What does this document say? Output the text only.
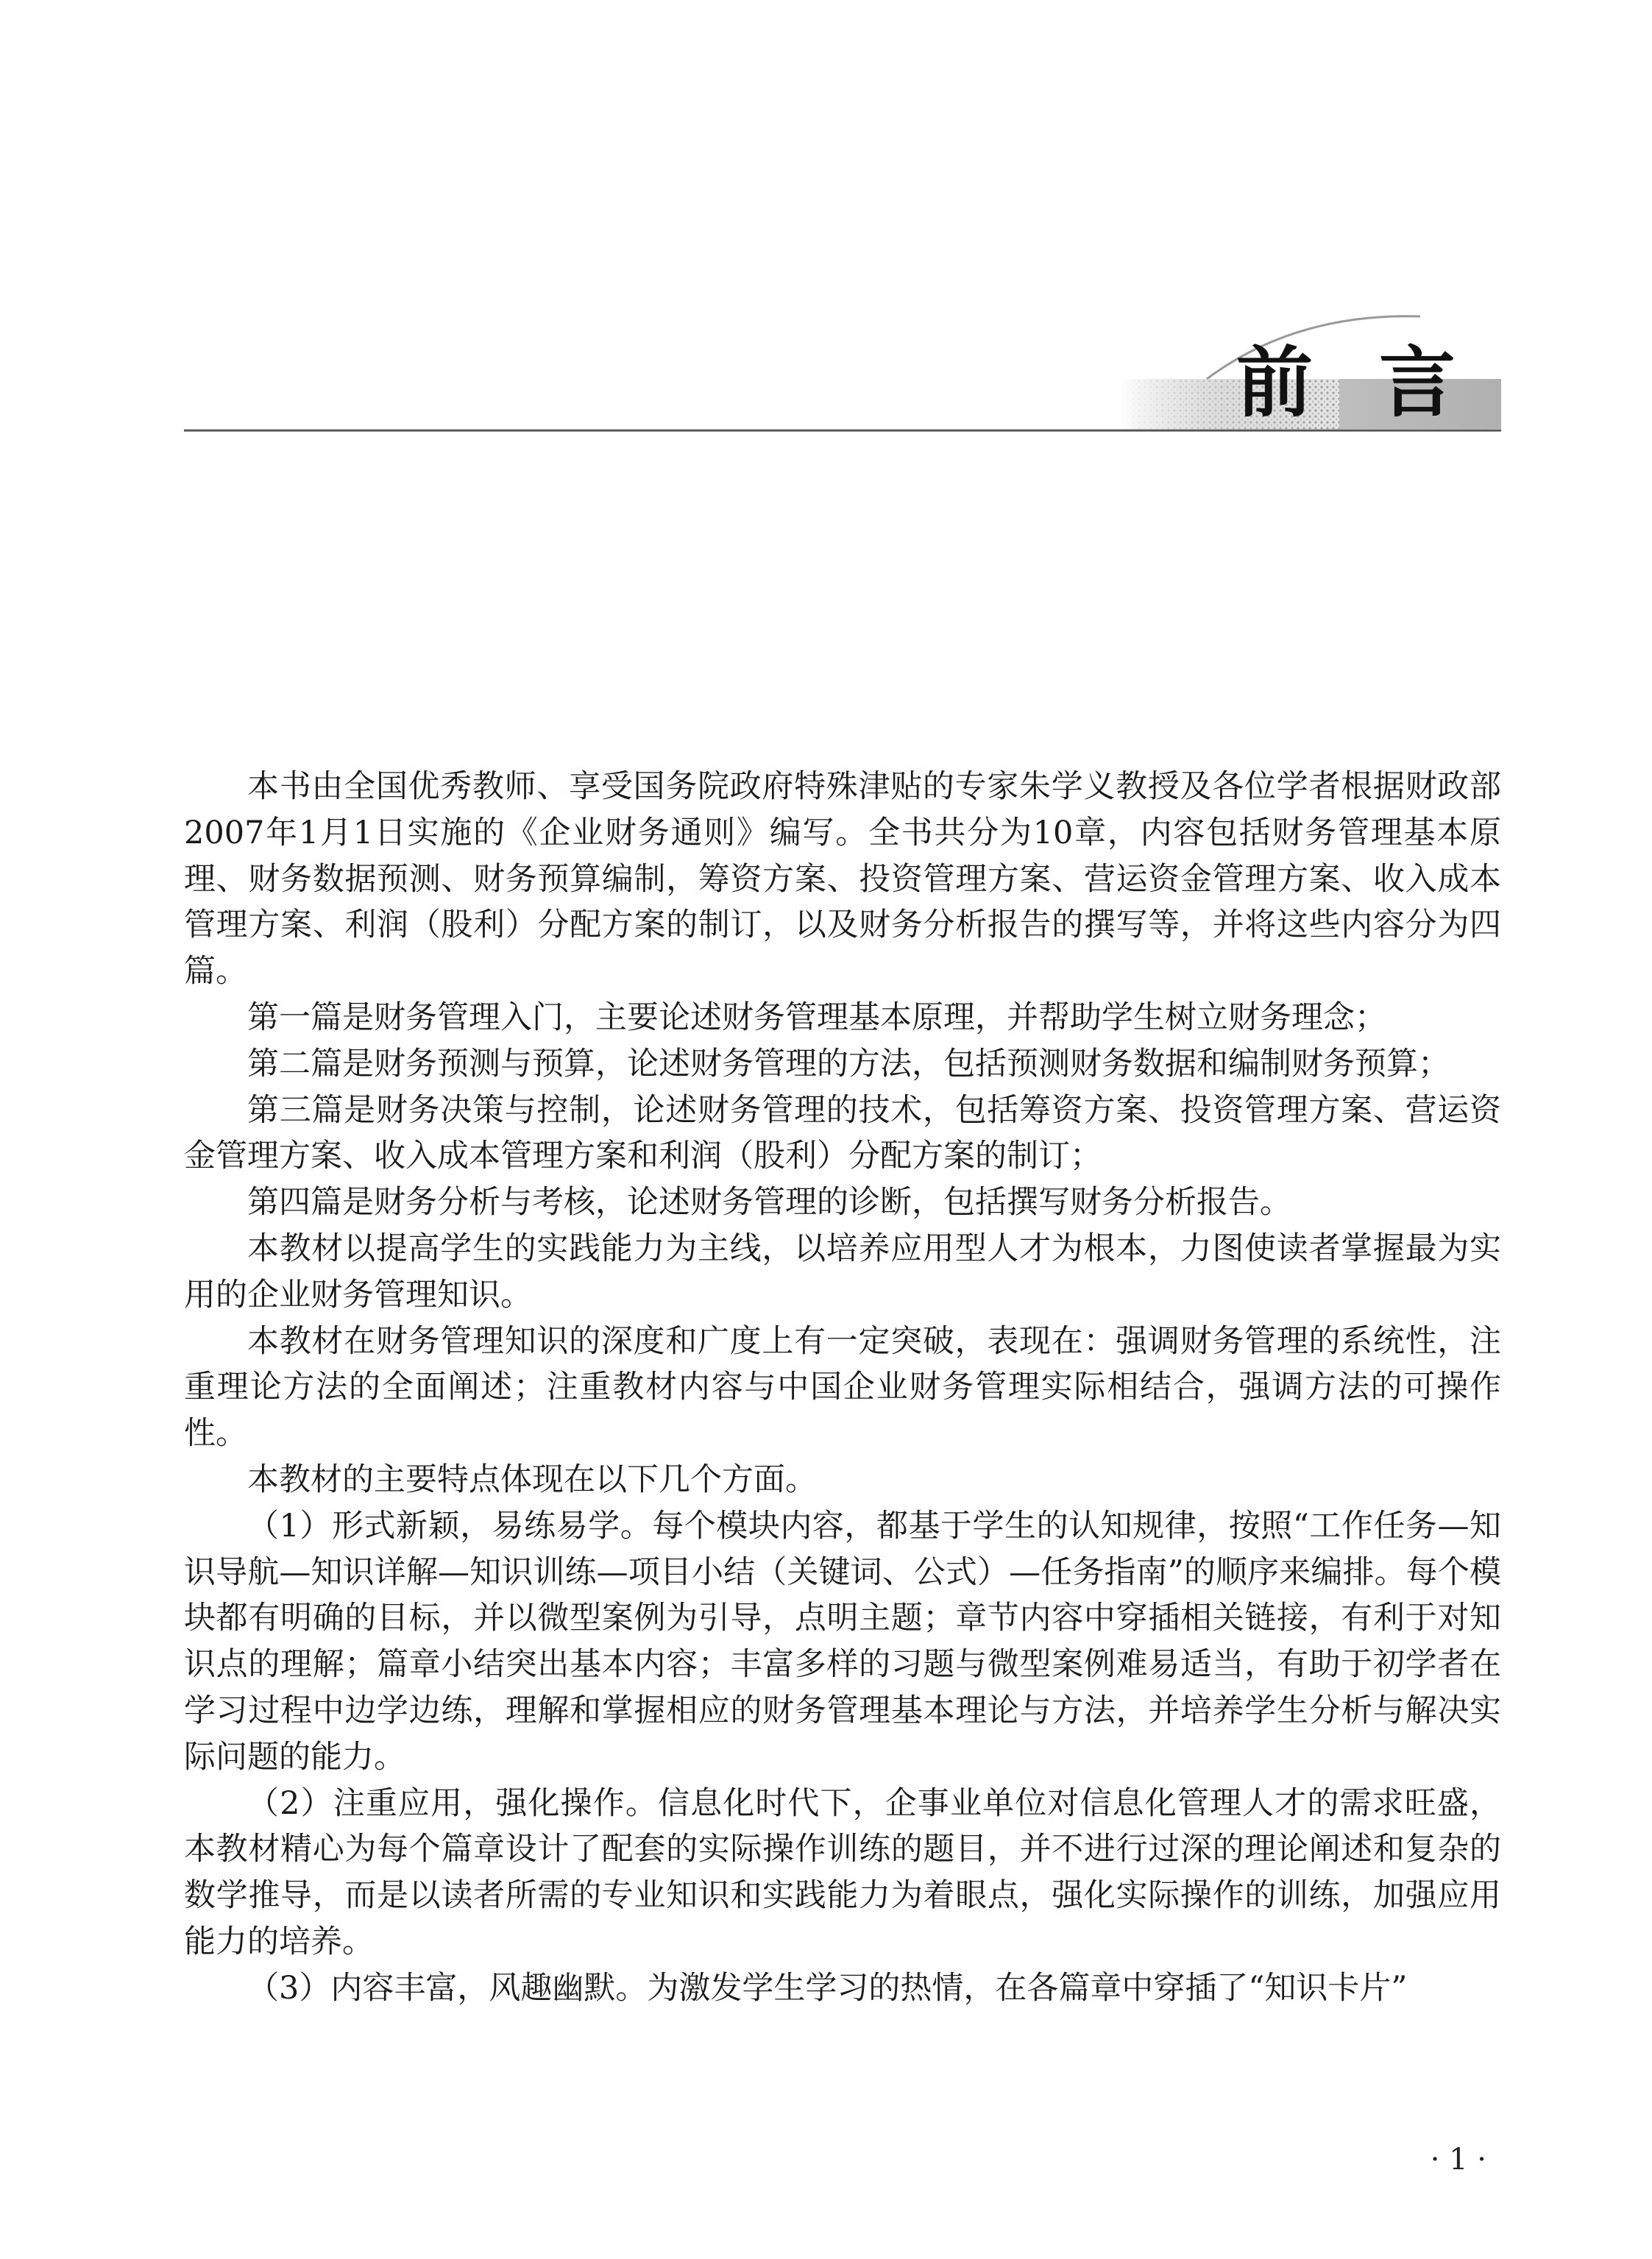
前言

本书由全国优秀教师、享受国务院政府特殊津贴的专家朱学义教授及各位学者根据财政部2007年1月1日实施的《企业财务通则》编写。全书共分为10章，内容包括财务管理基本原理、财务数据预测、财务预算编制，筹资方案、投资管理方案、营运资金管理方案、收入成本管理方案、利润（股利）分配方案的制订，以及财务分析报告的撰写等，并将这些内容分为四篇。

第一篇是财务管理入门，主要论述财务管理基本原理，并帮助学生树立财务理念；

第二篇是财务预测与预算，论述财务管理的方法，包括预测财务数据和编制财务预算；

第三篇是财务决策与控制，论述财务管理的技术，包括筹资方案、投资管理方案、营运资金管理方案、收入成本管理方案和利润（股利）分配方案的制订；

第四篇是财务分析与考核，论述财务管理的诊断，包括撰写财务分析报告。

本教材以提高学生的实践能力为主线，以培养应用型人才为根本，力图使读者掌握最为实用的企业财务管理知识。

本教材在财务管理知识的深度和广度上有一定突破，表现在：强调财务管理的系统性，注重理论方法的全面阐述；注重教材内容与中国企业财务管理实际相结合，强调方法的可操作性。

本教材的主要特点体现在以下几个方面。

（1）形式新颖，易练易学。每个模块内容，都基于学生的认知规律，按照“工作任务—知识导航—知识详解—知识训练—项目小结（关键词、公式）—任务指南”的顺序来编排。每个模块都有明确的目标，并以微型案例为引导，点明主题；章节内容中穿插相关链接，有利于对知识点的理解；篇章小结突出基本内容；丰富多样的习题与微型案例难易适当，有助于初学者在学习过程中边学边练，理解和掌握相应的财务管理基本理论与方法，并培养学生分析与解决实际问题的能力。

（2）注重应用，强化操作。信息化时代下，企事业单位对信息化管理人才的需求旺盛，本教材精心为每个篇章设计了配套的实际操作训练的题目，并不进行过深的理论阐述和复杂的数学推导，而是以读者所需的专业知识和实践能力为着眼点，强化实际操作的训练，加强应用能力的培养。

（3）内容丰富，风趣幽默。为激发学生学习的热情，在各篇章中穿插了“知识卡片”

· 1 ·
